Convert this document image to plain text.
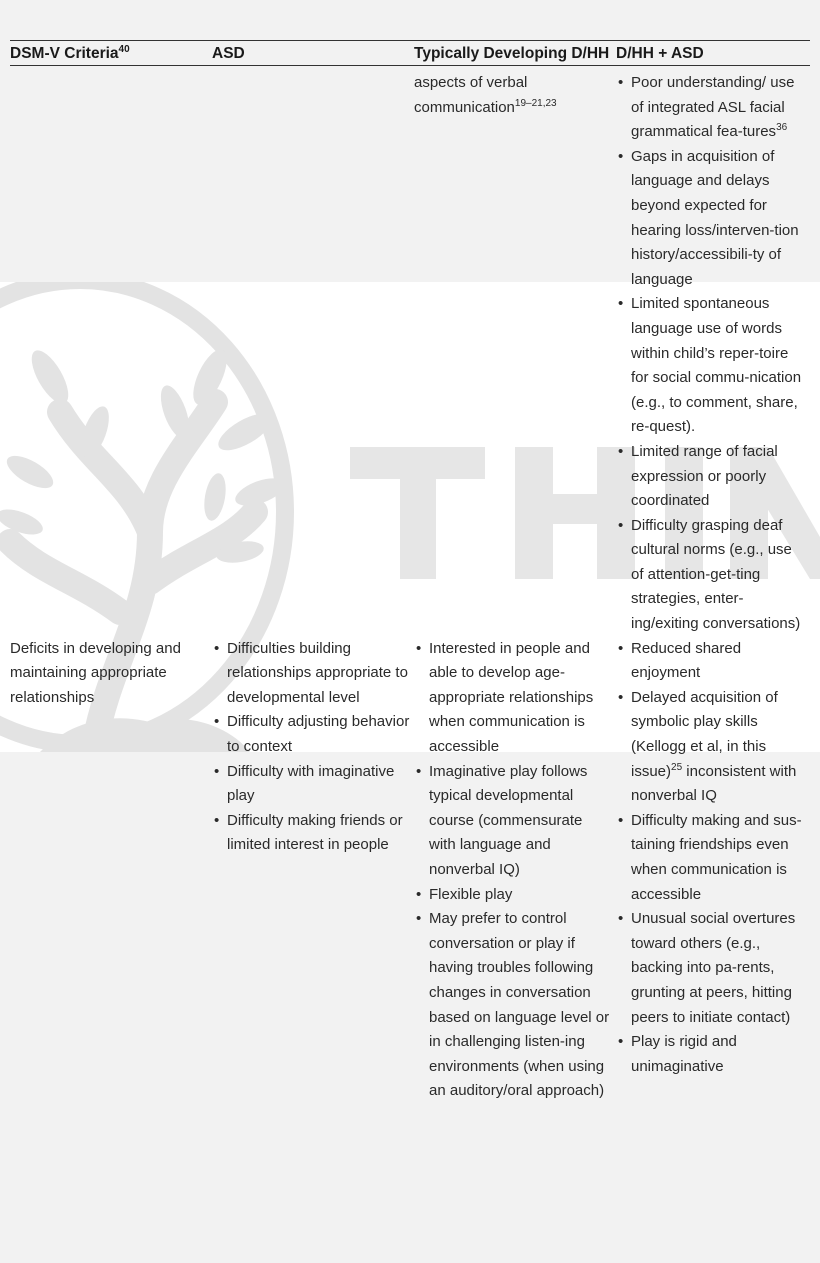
DSM-V Criteria$^{40}$	ASD	Typically Developing D/HH D/HH + ASD
aspects of verbal communication$^{19-21,23}$
• Poor understanding/ use of integrated ASL facial grammatical fea-tures$^{36}$
• Gaps in acquisition of language and delays beyond expected for hearing loss/interven-tion history/accessibili-ty of language
• Limited spontaneous language use of words within child’s reper-toire for social commu-nication (e.g., to comment, share, re-quest).
• Limited range of facial expression or poorly coordinated
• Difficulty grasping deaf cultural norms (e.g., use of attention-get-ting strategies, enter-ing/exiting conversations)
Deficits in developing and maintaining appropriate relationships
• Difficulties building relationships appropriate to developmental level
• Difficulty adjusting behavior to context
• Difficulty with imaginative play
• Difficulty making friends or limited interest in people
• Interested in people and able to develop age-appropriate relationships when communication is accessible
• Imaginative play follows typical developmental course (commensurate with language and nonverbal IQ)
• Flexible play
• May prefer to control conversation or play if having troubles following changes in conversation based on language level or in challenging listen-ing environments (when using an auditory/oral approach)
• Reduced shared enjoyment
• Delayed acquisition of symbolic play skills (Kellogg et al, in this issue)$^{25}$ inconsistent with nonverbal IQ
• Difficulty making and sus-taining friendships even when communication is accessible
• Unusual social overtures toward others (e.g., backing into pa-rents, grunting at peers, hitting peers to initiate contact)
• Play is rigid and unimaginative
